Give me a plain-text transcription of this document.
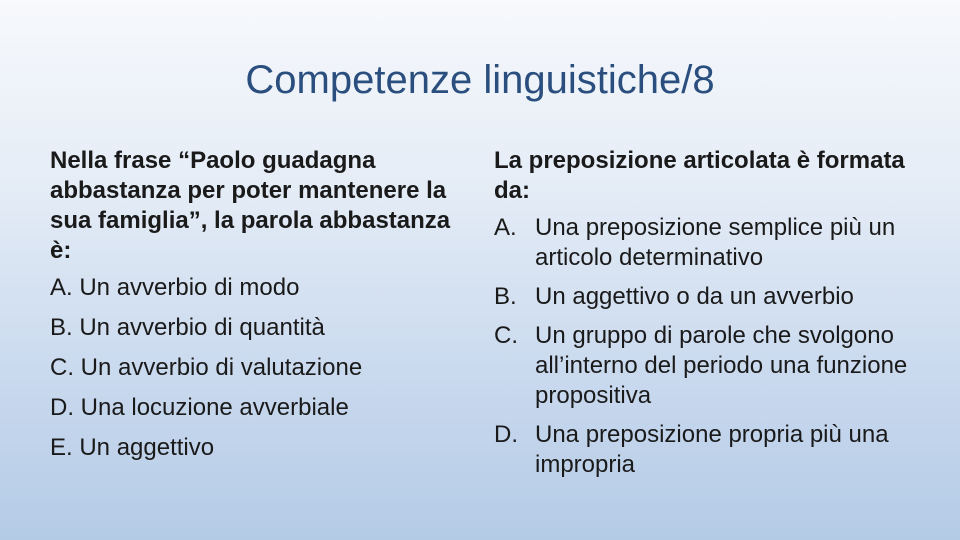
Competenze linguistiche/8
Nella frase “Paolo guadagna abbastanza per poter mantenere la sua famiglia”, la parola abbastanza è:
A. Un avverbio di modo
B. Un avverbio di quantità
C. Un avverbio di valutazione
D. Una locuzione avverbiale
E. Un aggettivo
La preposizione articolata è formata da:
A. Una preposizione semplice più un articolo determinativo
B. Un aggettivo o da un avverbio
C. Un gruppo di parole che svolgono all’interno del periodo una funzione propositiva
D. Una preposizione propria più una impropria
